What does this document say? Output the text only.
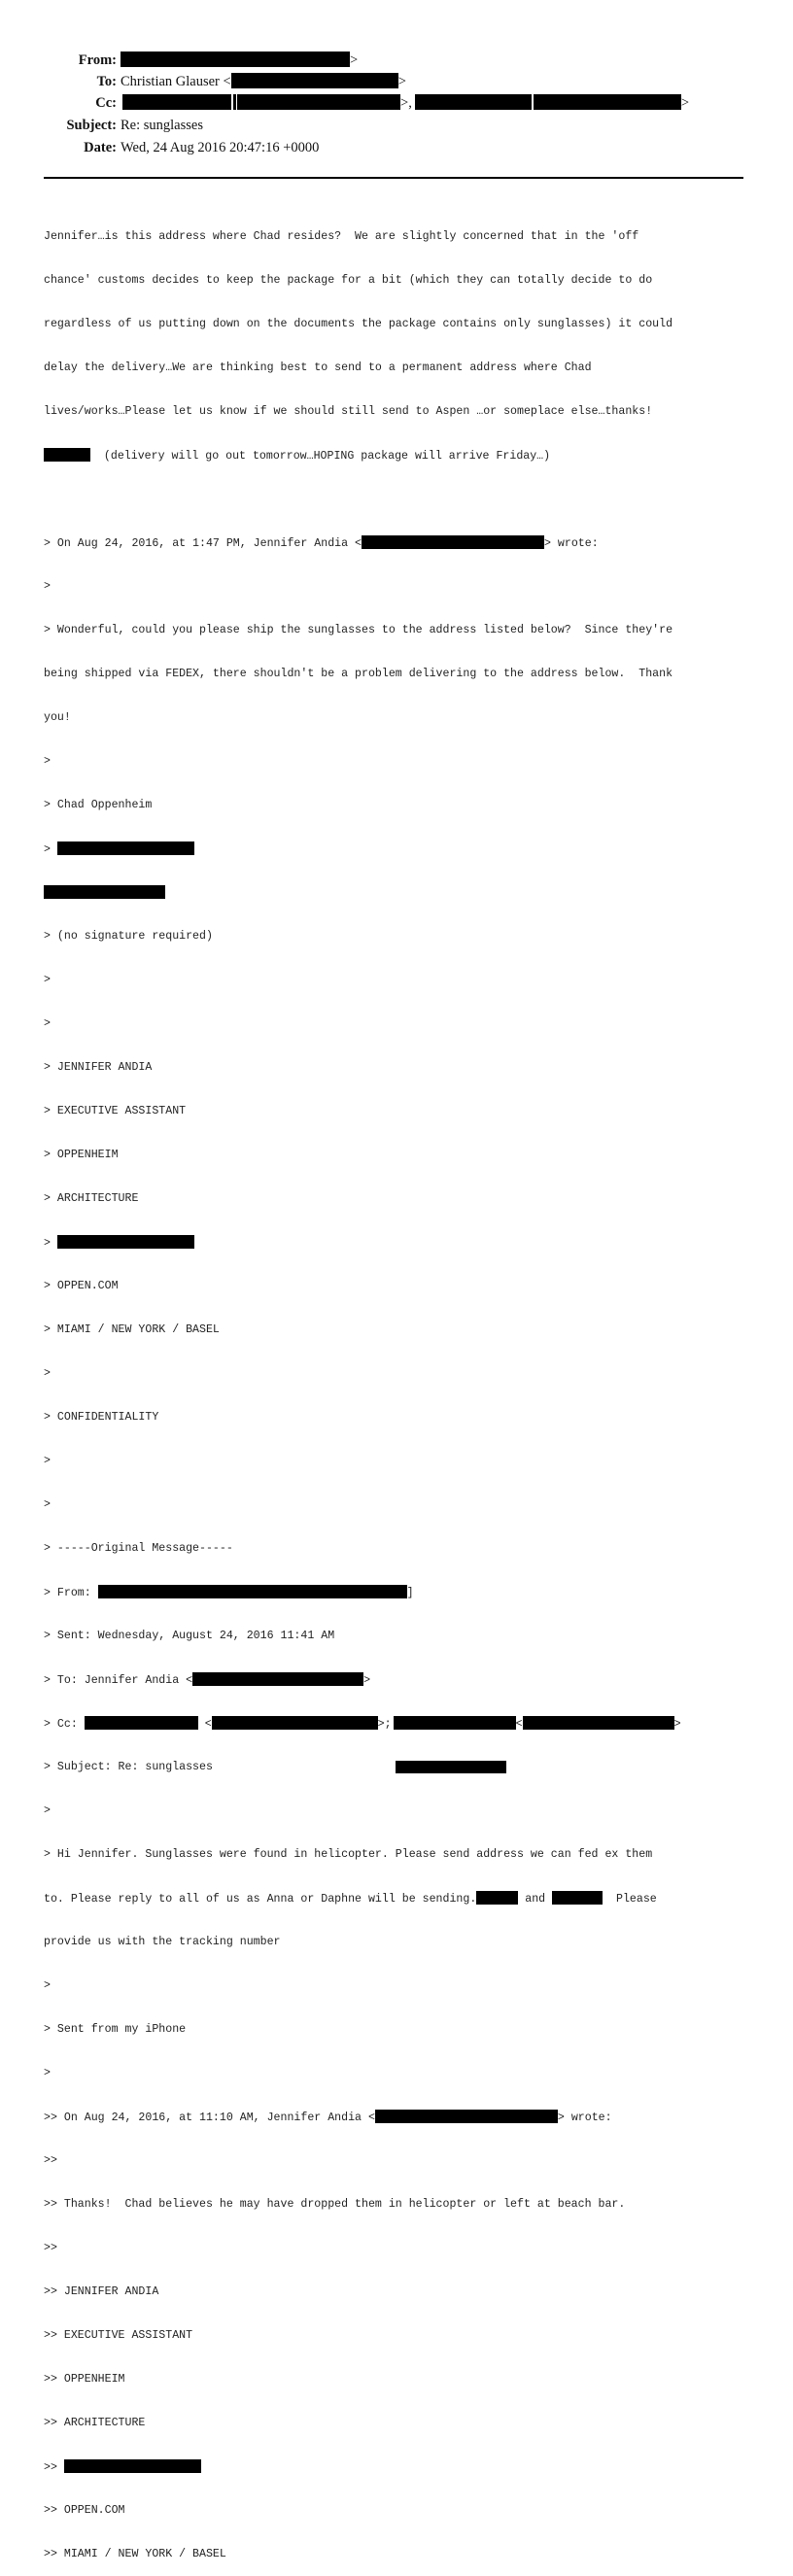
From:	>
To: Christian Glauser <	>
Cc:	>,	>
Subject: Re: sunglasses
Date: Wed, 24 Aug 2016 20:47:16 +0000

Jennifer…is this address where Chad resides?  We are slightly concerned that in the 'off

chance' customs decides to keep the package for a bit (which they can totally decide to do

regardless of us putting down on the documents the package contains only sunglasses) it could

delay the delivery…We are thinking best to send to a permanent address where Chad

lives/works…Please let us know if we should still send to Aspen …or someplace else…thanks!

(delivery will go out tomorrow…HOPING package will arrive Friday…)

> On Aug 24, 2016, at 1:47 PM, Jennifer Andia <	> wrote:

>

> Wonderful, could you please ship the sunglasses to the address listed below?  Since they're

being shipped via FEDEX, there shouldn't be a problem delivering to the address below.  Thank

you!

>

> Chad Oppenheim

>

> (no signature required)

>

>

> JENNIFER ANDIA

> EXECUTIVE ASSISTANT

> OPPENHEIM

> ARCHITECTURE

>

> OPPEN.COM

> MIAMI / NEW YORK / BASEL

>

> CONFIDENTIALITY

>

>

> -----Original Message-----

> From:	]

> Sent: Wednesday, August 24, 2016 11:41 AM

> To: Jennifer Andia <	>

> Cc:	<	>;	<	>

> Subject: Re: sunglasses

>

> Hi Jennifer. Sunglasses were found in helicopter. Please send address we can fed ex them

to. Please reply to all of us as Anna or Daphne will be sending.	and	Please

provide us with the tracking number

>

> Sent from my iPhone

>

>> On Aug 24, 2016, at 11:10 AM, Jennifer Andia <	> wrote:

>>

>> Thanks!  Chad believes he may have dropped them in helicopter or left at beach bar.

>>

>> JENNIFER ANDIA

>> EXECUTIVE ASSISTANT

>> OPPENHEIM

>> ARCHITECTURE

>>

>> OPPEN.COM

>> MIAMI / NEW YORK / BASEL
